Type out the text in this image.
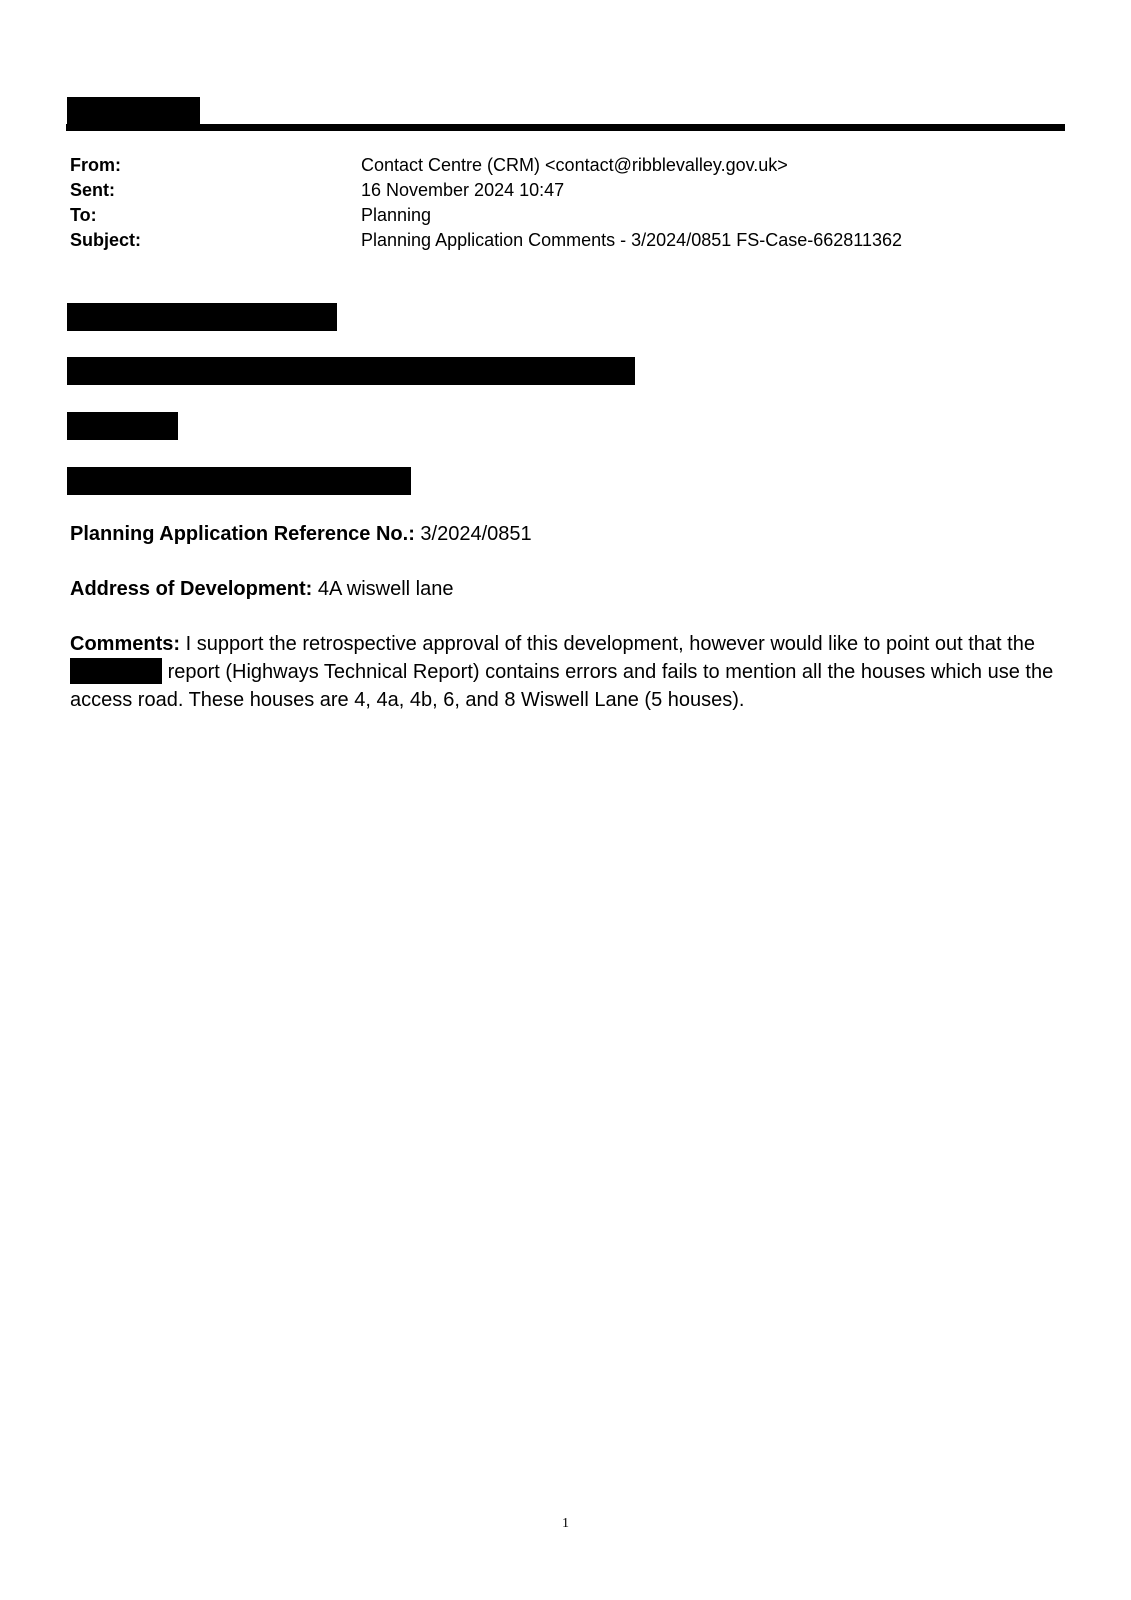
From:	Contact Centre (CRM) <contact@ribblevalley.gov.uk>
Sent:	16 November 2024 10:47
To:	Planning
Subject:	Planning Application Comments - 3/2024/0851 FS-Case-662811362
Planning Application Reference No.: 3/2024/0851
Address of Development: 4A wiswell lane
Comments: I support the retrospective approval of this development, however would like to point out that the  report (Highways Technical Report) contains errors and fails to mention all the houses which use the access road. These houses are 4, 4a, 4b, 6, and 8 Wiswell Lane (5 houses).
1
